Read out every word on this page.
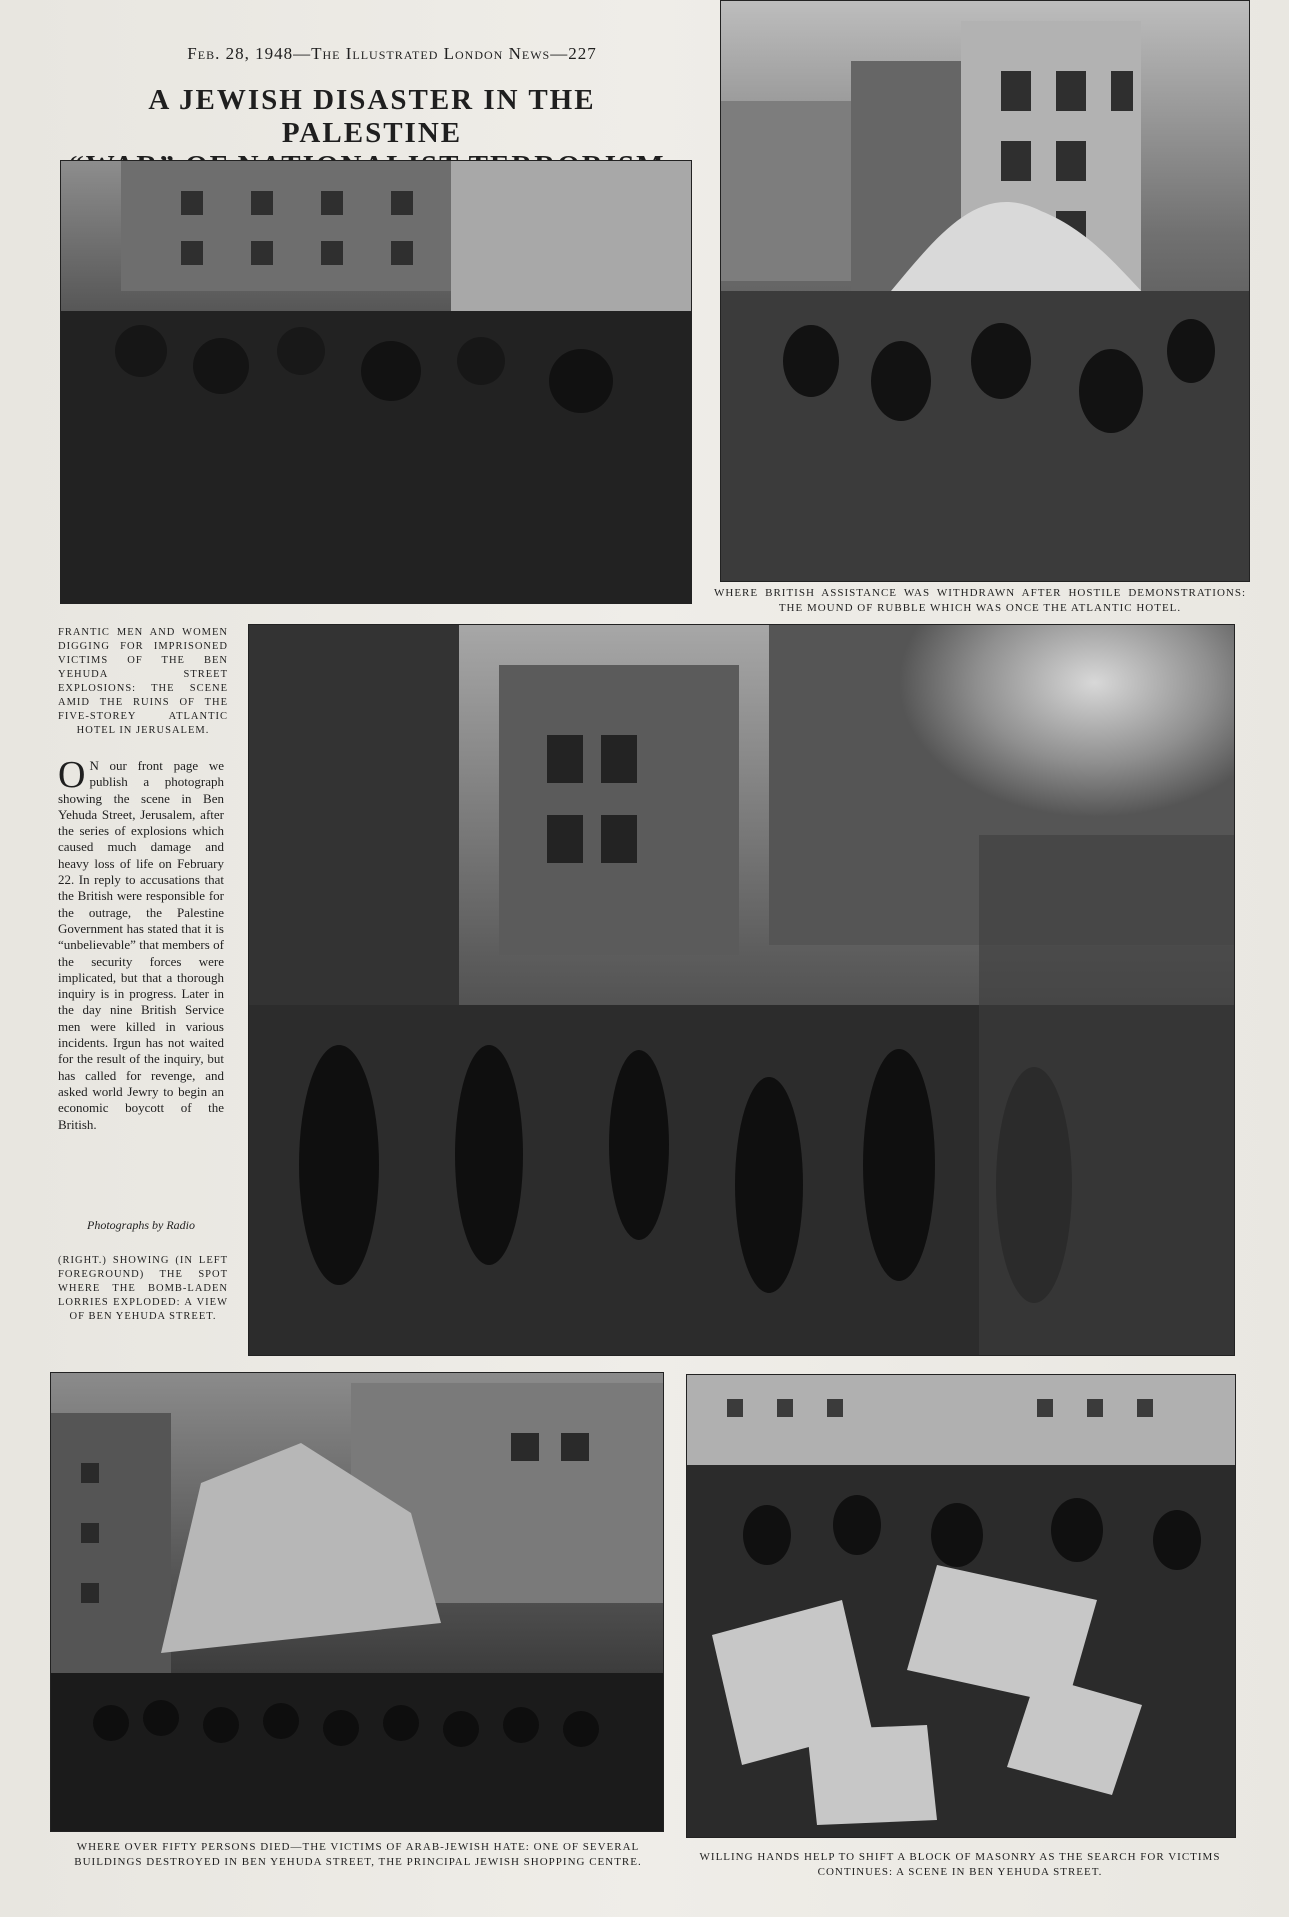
Feb. 28, 1948—The Illustrated London News—227
A JEWISH DISASTER IN THE PALESTINE
WHERE BRITISH ASSISTANCE WAS WITHDRAWN AFTER HOSTILE DEMONSTRATIONS: THE MOUND OF RUBBLE WHICH WAS ONCE THE ATLANTIC HOTEL.
FRANTIC MEN AND WOMEN DIGGING FOR IMPRISONED VICTIMS OF THE BEN YEHUDA STREET EXPLOSIONS: THE SCENE AMID THE RUINS OF THE FIVE-STOREY ATLANTIC HOTEL IN JERUSALEM.
O N our front page we publish a photograph showing the scene in Ben Yehuda Street, Jerusalem, after the series of explosions which caused much damage and heavy loss of life on February 22. In reply to accusations that the British were responsible for the outrage, the Palestine Government has stated that it is “unbelievable” that members of the security forces were implicated, but that a thorough inquiry is in progress. Later in the day nine British Service men were killed in various incidents. Irgun has not waited for the result of the inquiry, but has called for revenge, and asked world Jewry to begin an economic boycott of the British.
Photographs by Radio
(RIGHT.) SHOWING (IN LEFT FOREGROUND) THE SPOT WHERE THE BOMB-LADEN LORRIES EXPLODED: A VIEW OF BEN YEHUDA STREET.
WHERE OVER FIFTY PERSONS DIED—THE VICTIMS OF ARAB-JEWISH HATE: ONE OF SEVERAL BUILDINGS DESTROYED IN BEN YEHUDA STREET, THE PRINCIPAL JEWISH SHOPPING CENTRE.	WILLING HANDS HELP TO SHIFT A BLOCK OF MASONRY AS THE SEARCH FOR VICTIMS CONTINUES: A SCENE IN BEN YEHUDA STREET.
